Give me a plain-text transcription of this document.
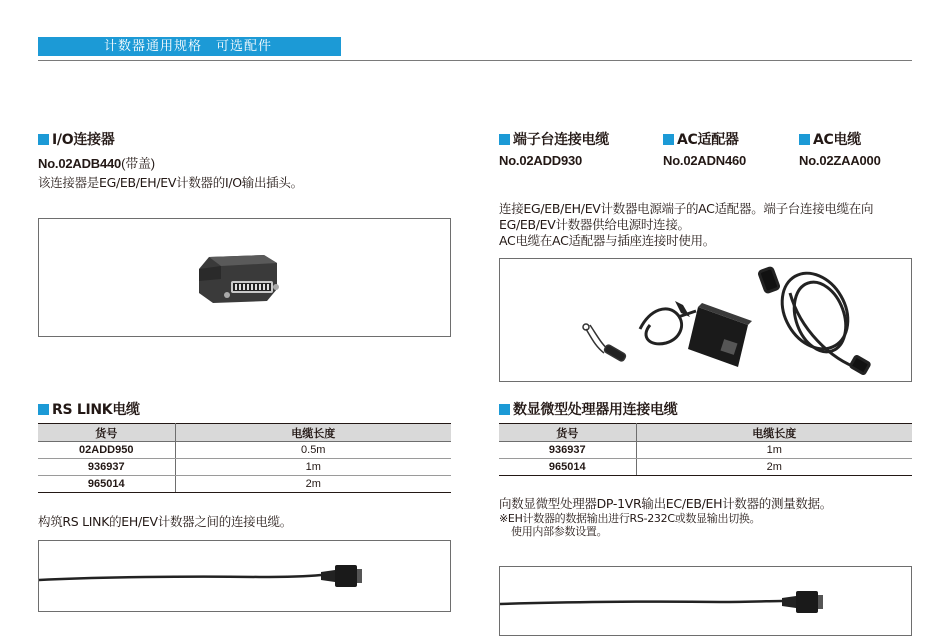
计数器通用规格　可选配件
I/O连接器
No.02ADB440(带盖)
该连接器是EG/EB/EH/EV计数器的I/O输出插头。
端子台连接电缆
No.02ADD930
AC适配器
No.02ADN460
AC电缆
No.02ZAA000
连接EG/EB/EH/EV计数器电源端子的AC适配器。端子台连接电缆在向
EG/EB/EV计数器供给电源时连接。
AC电缆在AC适配器与插座连接时使用。
RS LINK电缆
货号	电缆长度
02ADD950	0.5m
936937	1m
965014	2m
构筑RS LINK的EH/EV计数器之间的连接电缆。
数显微型处理器用连接电缆
货号	电缆长度
936937	1m
965014	2m
向数显微型处理器DP-1VR输出EC/EB/EH计数器的测量数据。
※EH计数器的数据输出进行RS-232C或数显输出切换。
使用内部参数设置。
